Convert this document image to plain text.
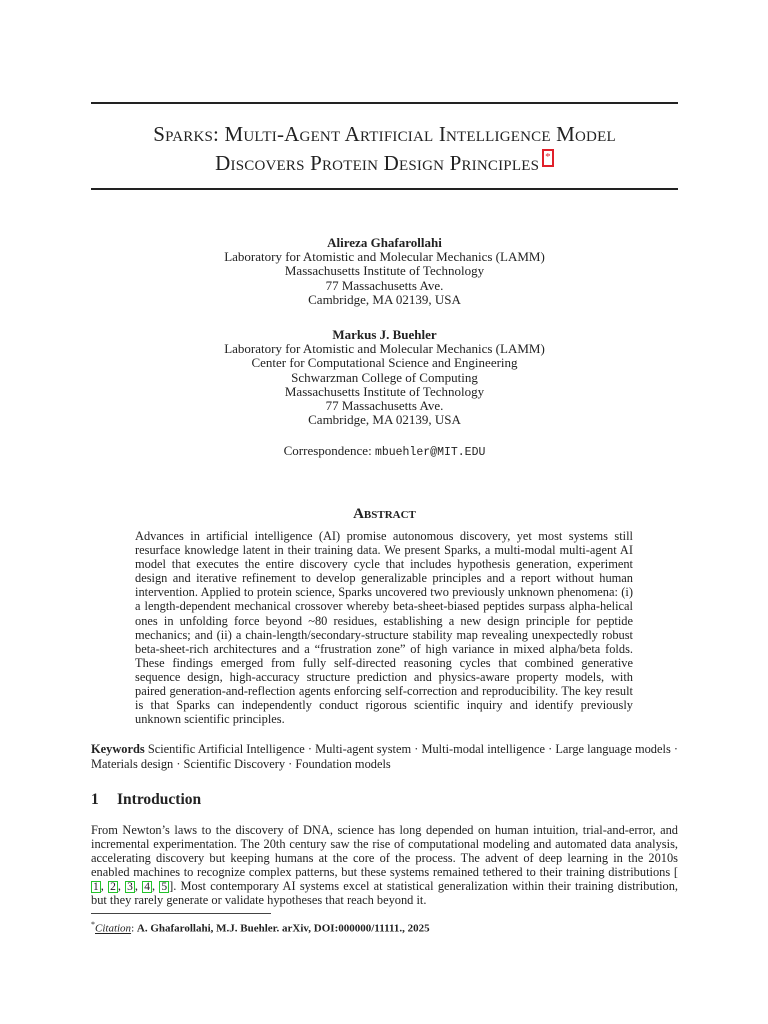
Sparks: Multi-Agent Artificial Intelligence Model
Discovers Protein Design Principles *
Alireza Ghafarollahi
Laboratory for Atomistic and Molecular Mechanics (LAMM)
Massachusetts Institute of Technology
77 Massachusetts Ave.
Cambridge, MA 02139, USA
Markus J. Buehler
Laboratory for Atomistic and Molecular Mechanics (LAMM)
Center for Computational Science and Engineering
Schwarzman College of Computing
Massachusetts Institute of Technology
77 Massachusetts Ave.
Cambridge, MA 02139, USA
Correspondence: mbuehler@MIT.EDU
Abstract

Advances in artificial intelligence (AI) promise autonomous discovery, yet most systems still resurface knowledge latent in their training data. We present Sparks, a multi-modal multi-agent AI model that executes the entire discovery cycle that includes hypothesis generation, experiment design and iterative refinement to develop generalizable principles and a report without human intervention. Applied to protein science, Sparks uncovered two previously unknown phenomena: (i) a length-dependent mechanical crossover whereby beta-sheet-biased peptides surpass alpha-helical ones in unfolding force beyond ~80 residues, establishing a new design principle for peptide mechanics; and (ii) a chain-length/secondary-structure stability map revealing unexpectedly robust beta-sheet-rich architectures and a “frustration zone” of high variance in mixed alpha/beta folds. These findings emerged from fully self-directed reasoning cycles that combined generative sequence design, high-accuracy structure prediction and physics-aware property models, with paired generation-and-reflection agents enforcing self-correction and reproducibility. The key result is that Sparks can independently conduct rigorous scientific inquiry and identify previously unknown scientific principles.

Keywords Scientific Artificial Intelligence · Multi-agent system · Multi-modal intelligence · Large language models · Materials design · Scientific Discovery · Foundation models

1 Introduction

From Newton’s laws to the discovery of DNA, science has long depended on human intuition, trial-and-error, and incremental experimentation. The 20th century saw the rise of computational modeling and automated data analysis, accelerating discovery but keeping humans at the core of the process. The advent of deep learning in the 2010s enabled machines to recognize complex patterns, but these systems remained tethered to their training distributions [1 , 2 , 3 , 4 , 5 ]. Most contemporary AI systems excel at statistical generalization within their training distribution, but they rarely generate or validate hypotheses that reach beyond it.

*Citation: A. Ghafarollahi, M.J. Buehler. arXiv, DOI:000000/11111., 2025
